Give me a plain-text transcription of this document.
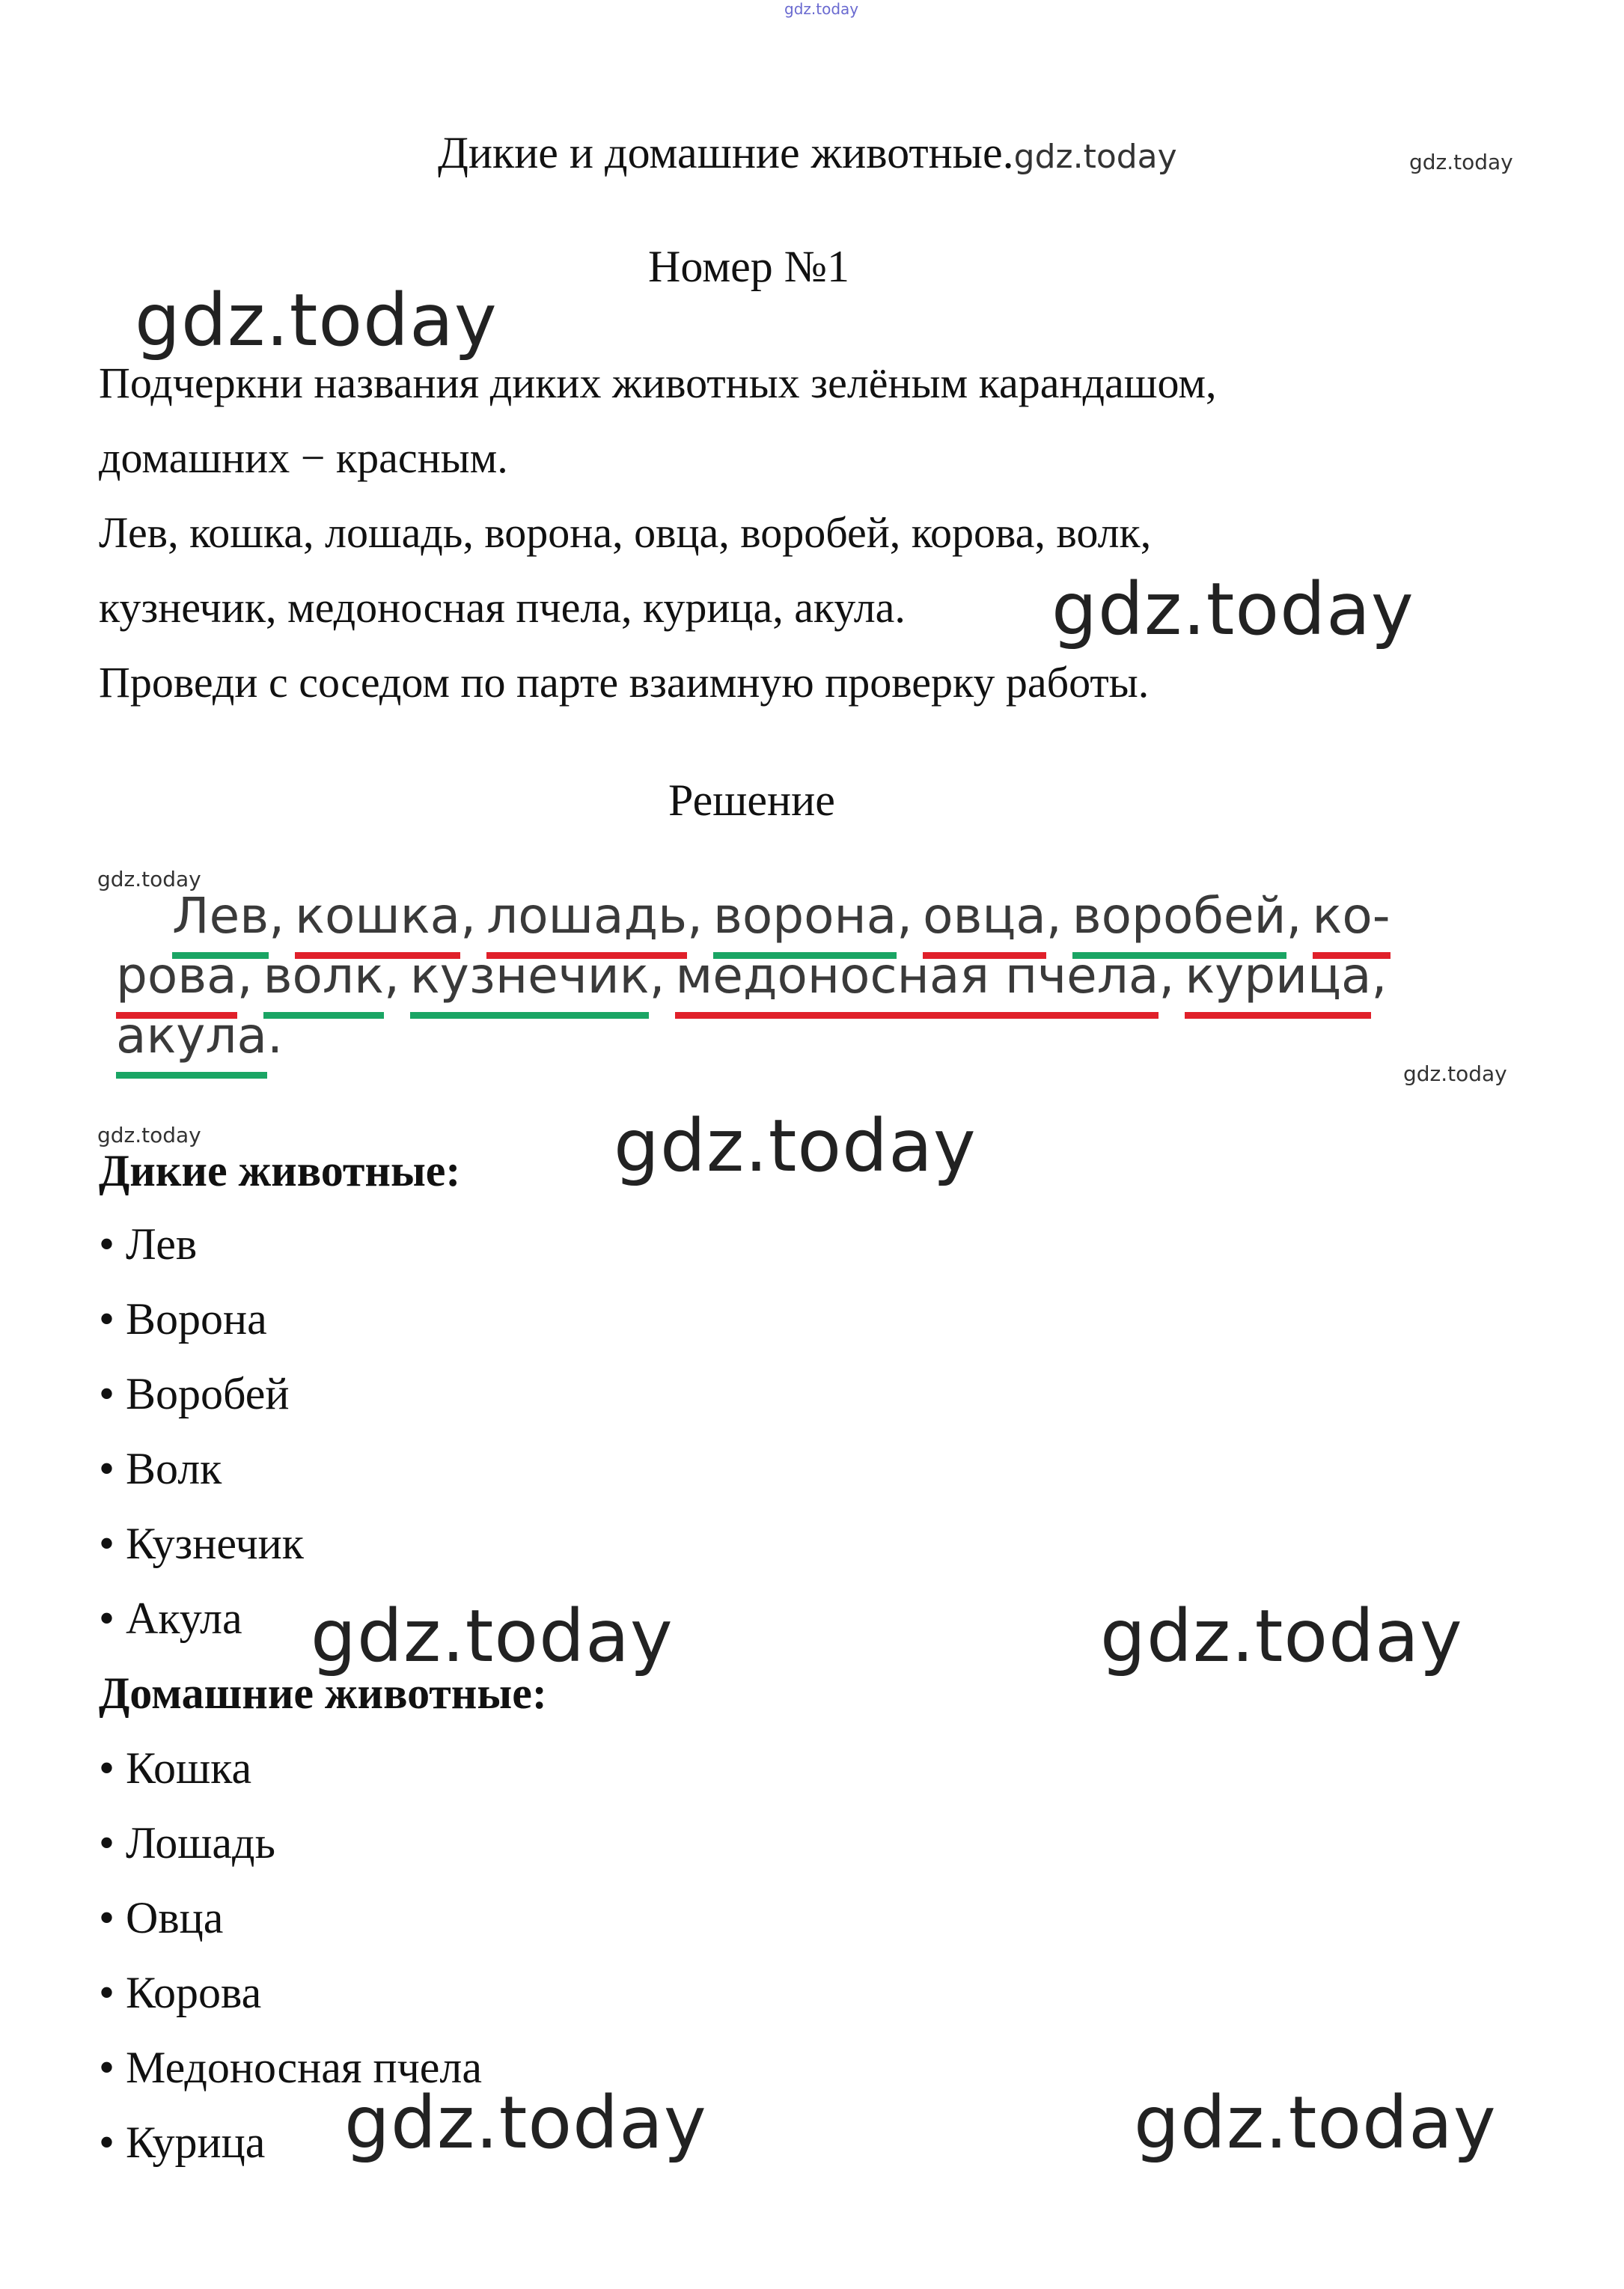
gdz.today
Дикие и домашние животные.gdz.today	gdz.today
Номер №1
gdz.today
Подчеркни названия диких животных зелёным карандашом,
домашних − красным.
Лев, кошка, лошадь, ворона, овца, воробей, корова, волк,
кузнечик, медоносная пчела, курица, акула. gdz.today
Проведи с соседом по парте взаимную проверку работы.
Решение
gdz.today
Лев, кошка, лошадь, ворона, овца, воробей, ко-
рова, волк, кузнечик, медоносная пчела, курица,
акула.
gdz.today
gdz.today
Дикие животные: gdz.today
• Лев
• Ворона
• Воробей
• Волк
• Кузнечик
• Акула gdz.today	gdz.today
Домашние животные:
• Кошка
• Лошадь
• Овца
• Корова
• Медоносная пчела
• Курица gdz.today	gdz.today
